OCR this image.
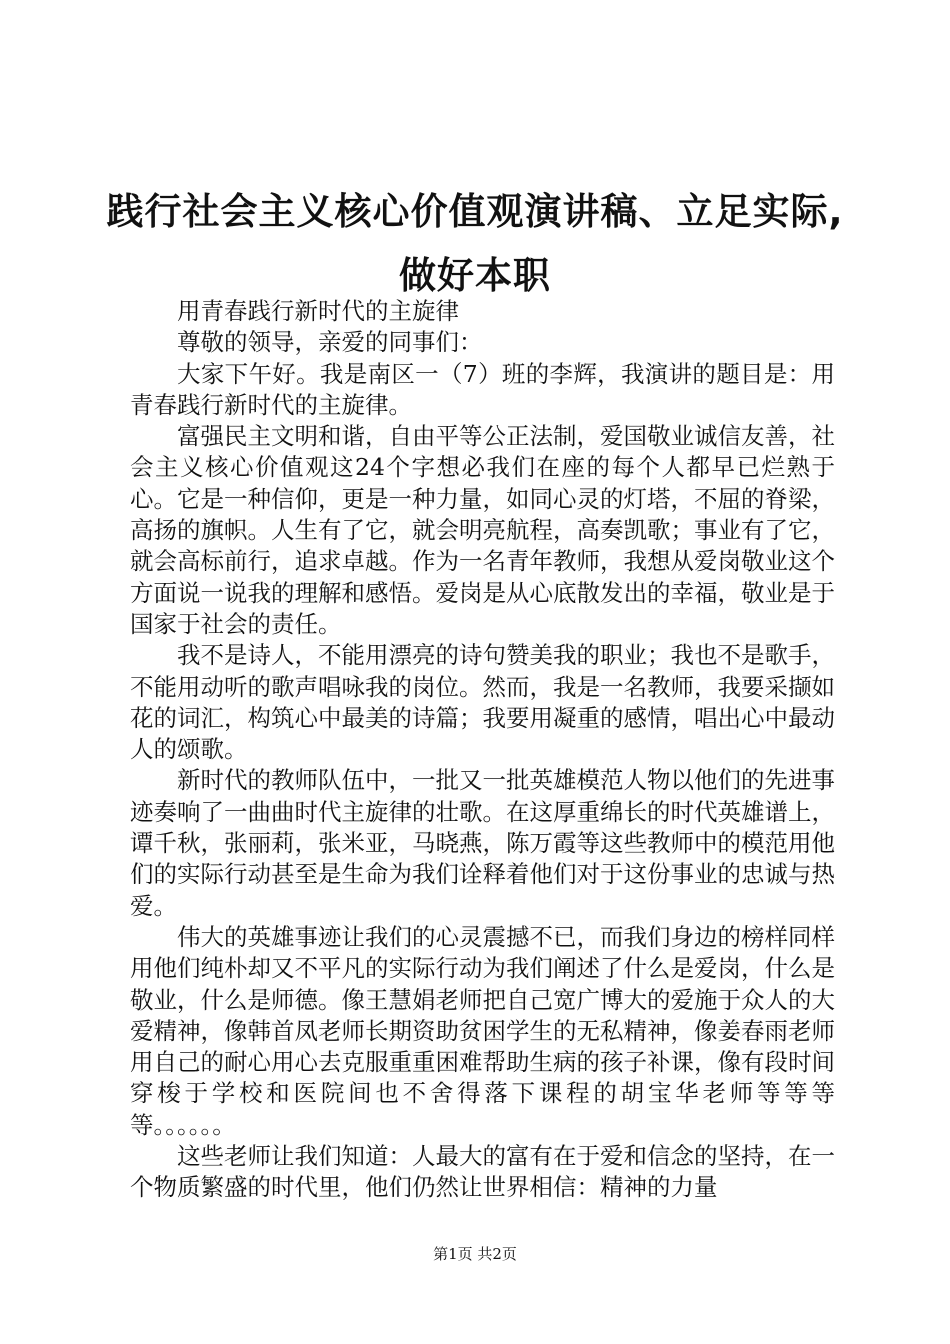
践行社会主义核心价值观演讲稿、立足实际,做好本职

用青春践行新时代的主旋律

尊敬的领导，亲爱的同事们：

大家下午好。我是南区一（7）班的李辉，我演讲的题目是：用青春践行新时代的主旋律。

富强民主文明和谐，自由平等公正法制，爱国敬业诚信友善，社会主义核心价值观这24个字想必我们在座的每个人都早已烂熟于心。它是一种信仰，更是一种力量，如同心灵的灯塔，不屈的脊梁，高扬的旗帜。人生有了它，就会明亮航程，高奏凯歌；事业有了它，就会高标前行，追求卓越。作为一名青年教师，我想从爱岗敬业这个方面说一说我的理解和感悟。爱岗是从心底散发出的幸福，敬业是于国家于社会的责任。

我不是诗人，不能用漂亮的诗句赞美我的职业；我也不是歌手，不能用动听的歌声唱咏我的岗位。然而，我是一名教师，我要采撷如花的词汇，构筑心中最美的诗篇；我要用凝重的感情，唱出心中最动人的颂歌。

新时代的教师队伍中，一批又一批英雄模范人物以他们的先进事迹奏响了一曲曲时代主旋律的壮歌。在这厚重绵长的时代英雄谱上，谭千秋，张丽莉，张米亚，马晓燕，陈万霞等这些教师中的模范用他们的实际行动甚至是生命为我们诠释着他们对于这份事业的忠诚与热爱。

伟大的英雄事迹让我们的心灵震撼不已，而我们身边的榜样同样用他们纯朴却又不平凡的实际行动为我们阐述了什么是爱岗，什么是敬业，什么是师德。像王慧娟老师把自己宽广博大的爱施于众人的大爱精神，像韩首凤老师长期资助贫困学生的无私精神，像姜春雨老师用自己的耐心用心去克服重重困难帮助生病的孩子补课，像有段时间穿梭于学校和医院间也不舍得落下课程的胡宝华老师等等等等。。。。。。

这些老师让我们知道：人最大的富有在于爱和信念的坚持，在一个物质繁盛的时代里，他们仍然让世界相信：精神的力量

第1页 共2页
